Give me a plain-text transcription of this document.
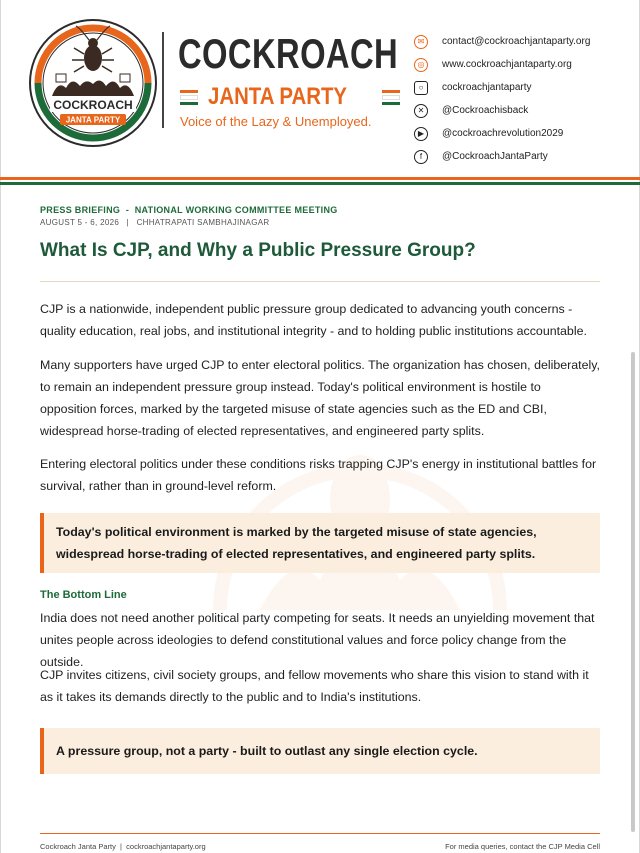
COCKROACH
JANTA PARTY
COCKROACH
JANTA PARTY
Voice of the Lazy & Unemployed.
✉	contact@cockroachjantaparty.org
◎	www.cockroachjantaparty.org
○	cockroachjantaparty
✕	@Cockroachisback
▶	@cockroachrevolution2029
f	@CockroachJantaParty
PRESS BRIEFING  -  NATIONAL WORKING COMMITTEE MEETING
AUGUST 5 - 6, 2026   |   CHHATRAPATI SAMBHAJINAGAR
What Is CJP, and Why a Public Pressure Group?
CJP is a nationwide, independent public pressure group dedicated to advancing youth concerns - quality education, real jobs, and institutional integrity - and to holding public institutions accountable.
Many supporters have urged CJP to enter electoral politics. The organization has chosen, deliberately, to remain an independent pressure group instead. Today's political environment is hostile to opposition forces, marked by the targeted misuse of state agencies such as the ED and CBI, widespread horse-trading of elected representatives, and engineered party splits.
Entering electoral politics under these conditions risks trapping CJP's energy in institutional battles for survival, rather than in ground-level reform.
Today's political environment is marked by the targeted misuse of state agencies, widespread horse-trading of elected representatives, and engineered party splits.
The Bottom Line
India does not need another political party competing for seats. It needs an unyielding movement that unites people across ideologies to defend constitutional values and force policy change from the outside.
CJP invites citizens, civil society groups, and fellow movements who share this vision to stand with it as it takes its demands directly to the public and to India's institutions.
A pressure group, not a party - built to outlast any single election cycle.
Cockroach Janta Party  |  cockroachjantaparty.org	For media queries, contact the CJP Media Cell
